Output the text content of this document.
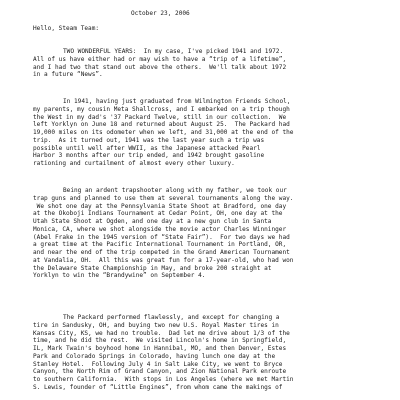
October 23, 2006
Hello, Steam Team:
TWO WONDERFUL YEARS:  In my case, I've picked 1941 and 1972.
All of us have either had or may wish to have a “trip of a lifetime”,
and I had two that stand out above the others.  We'll talk about 1972
in a future “News”.
In 1941, having just graduated from Wilmington Friends School,
my parents, my cousin Meta Shallcross, and I embarked on a trip though
the West in my dad's '37 Packard Twelve, still in our collection.  We
left Yorklyn on June 18 and returned about August 25.  The Packard had
19,000 miles on its odometer when we left, and 31,000 at the end of the
trip.  As it turned out, 1941 was the last year such a trip was
possible until well after WWII, as the Japanese attacked Pearl
Harbor 3 months after our trip ended, and 1942 brought gasoline
rationing and curtailment of almost every other luxury.
Being an ardent trapshooter along with my father, we took our
trap guns and planned to use them at several tournaments along the way.
We shot one day at the Pennsylvania State Shoot at Bradford, one day
at the Okoboji Indians Tournament at Cedar Point, OH, one day at the
Utah State Shoot at Ogden, and one day at a new gun club in Santa
Monica, CA, where we shot alongside the movie actor Charles Winninger
(Abel Frake in the 1945 version of “State Fair”).  For two days we had
a great time at the Pacific International Tournament in Portland, OR,
and near the end of the trip competed in the Grand American Tournament
at Vandalia, OH.  All this was great fun for a 17-year-old, who had won
the Delaware State Championship in May, and broke 200 straight at
Yorklyn to win the “Brandywine” on September 4.
The Packard performed flawlessly, and except for changing a
tire in Sandusky, OH, and buying two new U.S. Royal Master tires in
Kansas City, KS, we had no trouble.  Dad let me drive about 1/3 of the
time, and he did the rest.  We visited Lincoln's home in Springfield,
IL, Mark Twain's boyhood home in Hannibal, MO, and then Denver, Estes
Park and Colorado Springs in Colorado, having lunch one day at the
Stanley Hotel.  Following July 4 in Salt Lake City, we went to Bryce
Canyon, the North Rim of Grand Canyon, and Zion National Park enroute
to southern California.  With stops in Los Angeles (where we met Martin
S. Lewis, founder of “Little Engines”, from whom came the makings of
